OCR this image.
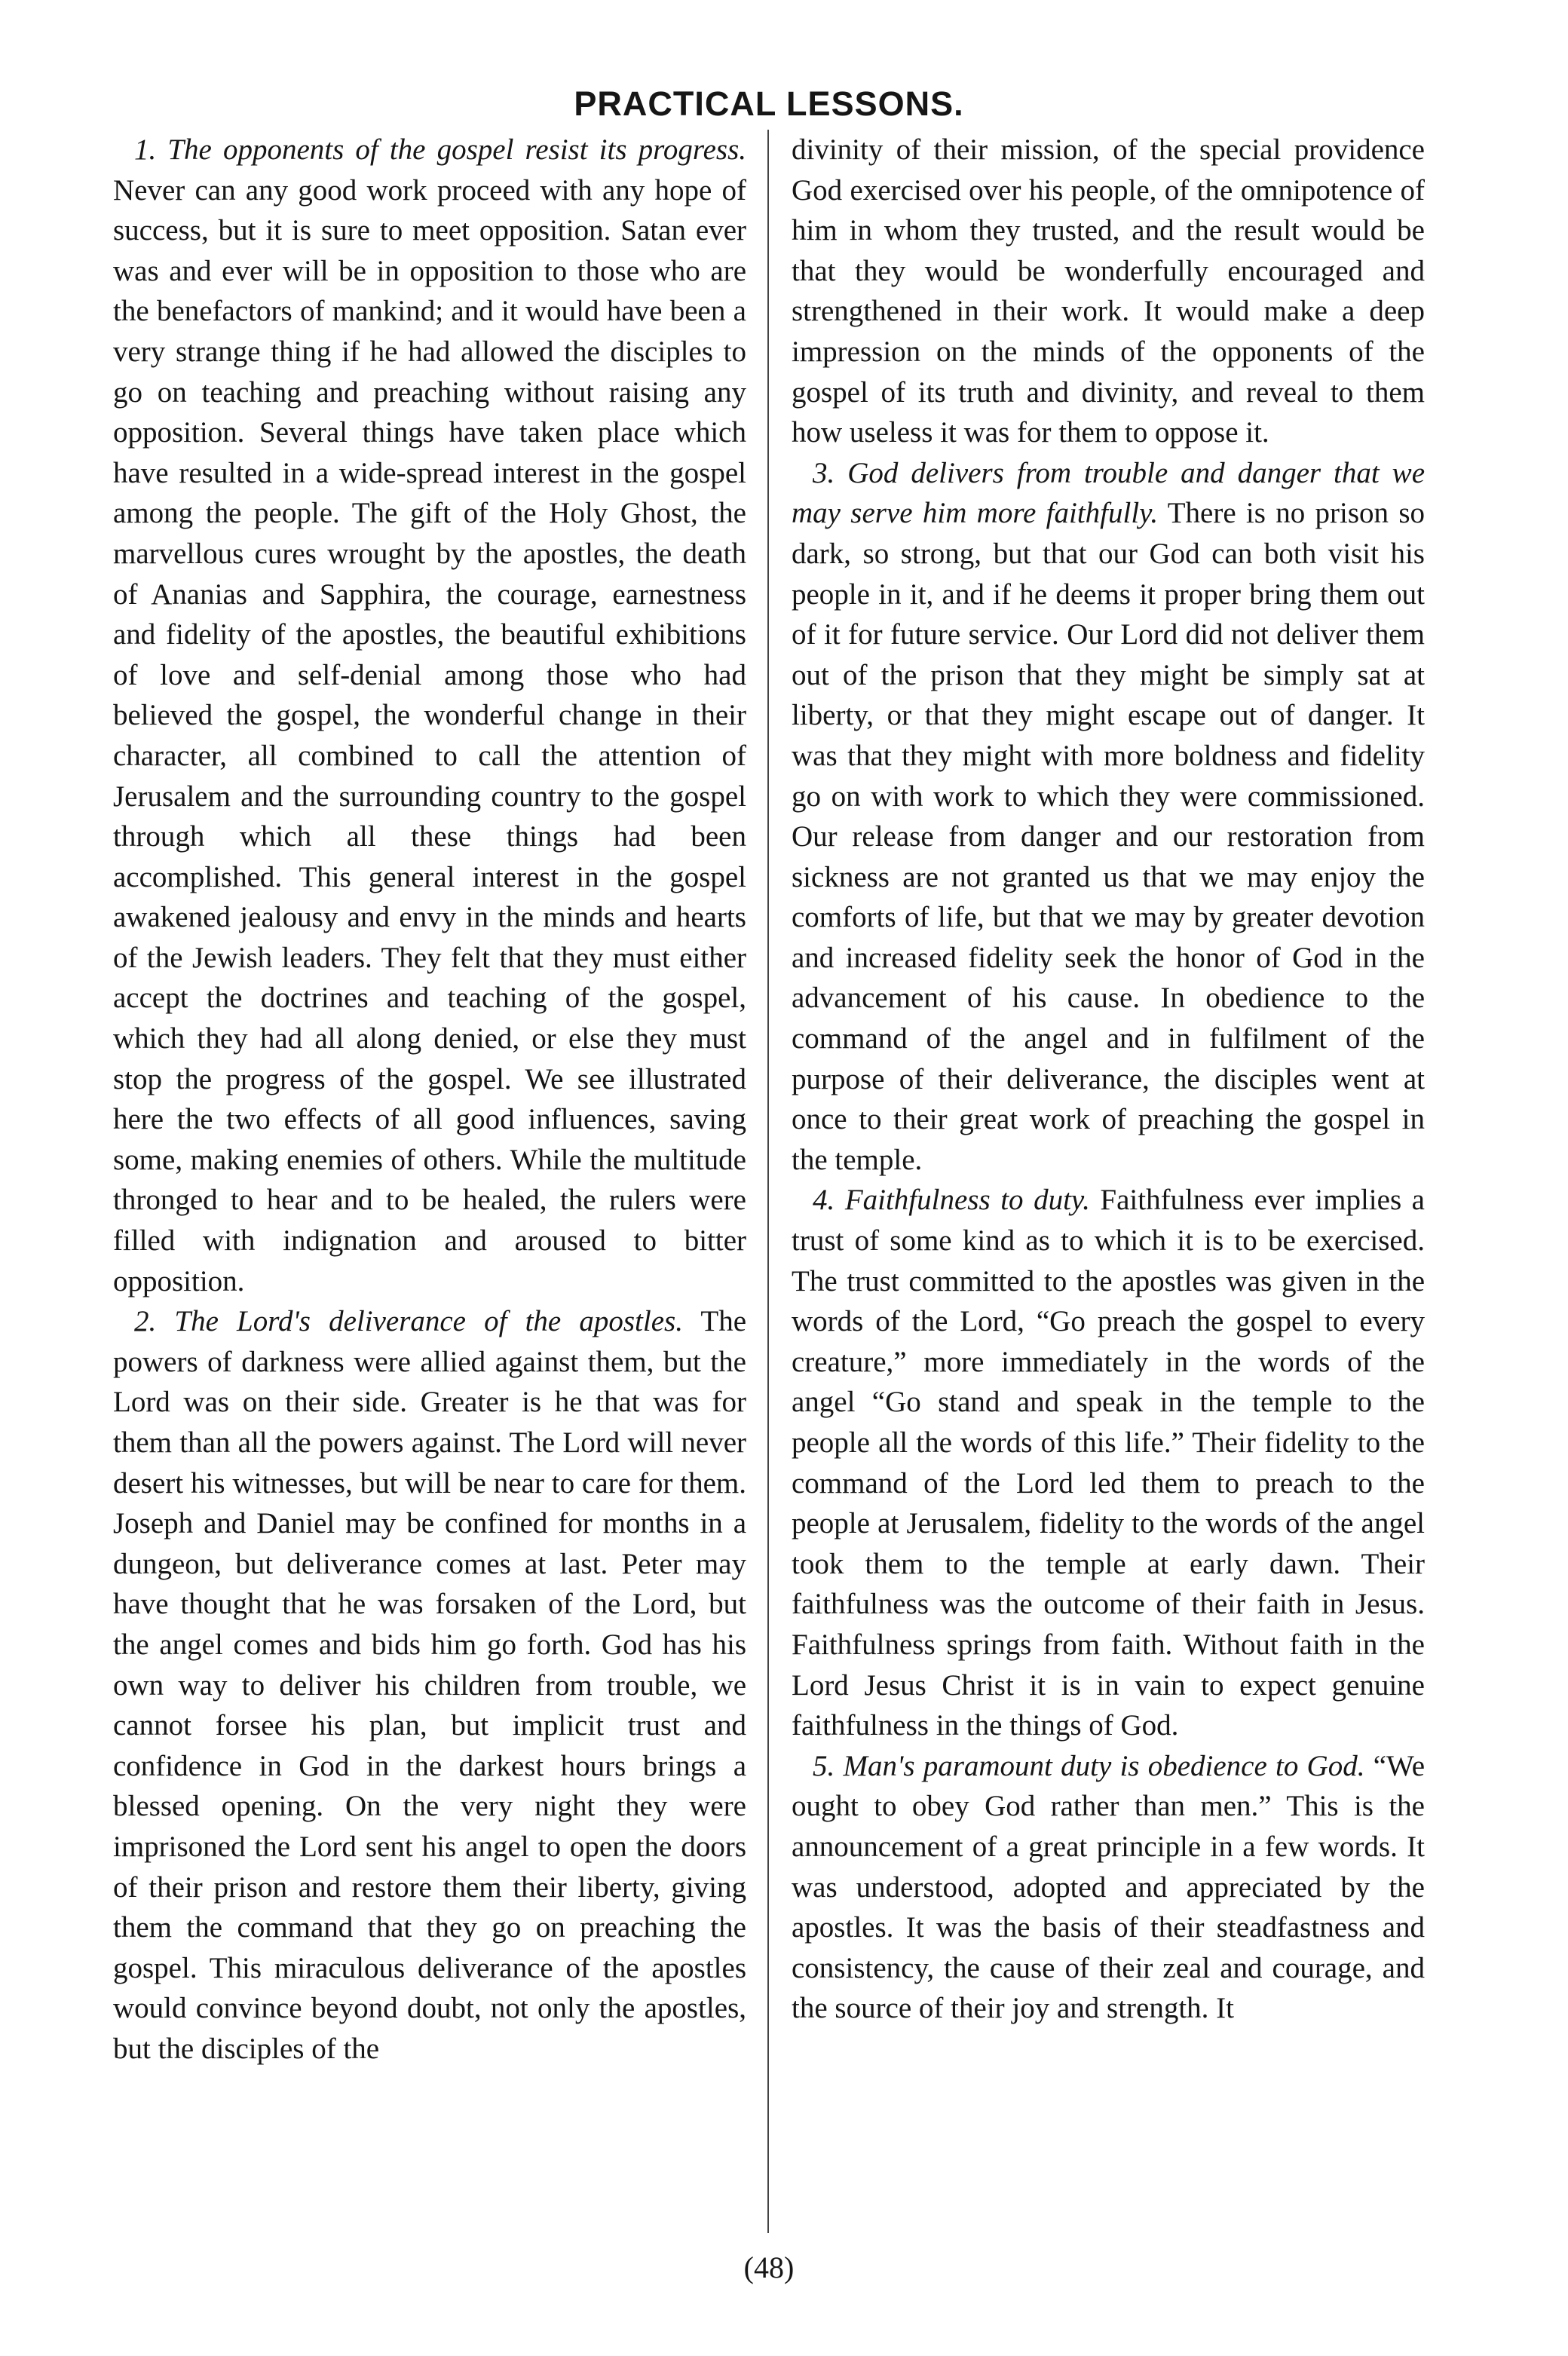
PRACTICAL LESSONS.

1. The opponents of the gospel resist its progress. Never can any good work proceed with any hope of success, but it is sure to meet opposition. Satan ever was and ever will be in opposition to those who are the benefactors of mankind; and it would have been a very strange thing if he had allowed the disciples to go on teaching and preaching without raising any opposition. Several things have taken place which have resulted in a wide-spread interest in the gospel among the people. The gift of the Holy Ghost, the marvellous cures wrought by the apostles, the death of Ananias and Sapphira, the courage, earnestness and fidelity of the apostles, the beautiful exhibitions of love and self-denial among those who had believed the gospel, the wonderful change in their character, all combined to call the attention of Jerusalem and the surrounding country to the gospel through which all these things had been accomplished. This general interest in the gospel awakened jealousy and envy in the minds and hearts of the Jewish leaders. They felt that they must either accept the doctrines and teaching of the gospel, which they had all along denied, or else they must stop the progress of the gospel. We see illustrated here the two effects of all good influences, saving some, making enemies of others. While the multitude thronged to hear and to be healed, the rulers were filled with indignation and aroused to bitter opposition.

2. The Lord's deliverance of the apostles. The powers of darkness were allied against them, but the Lord was on their side. Greater is he that was for them than all the powers against. The Lord will never desert his witnesses, but will be near to care for them. Joseph and Daniel may be confined for months in a dungeon, but deliverance comes at last. Peter may have thought that he was forsaken of the Lord, but the angel comes and bids him go forth. God has his own way to deliver his children from trouble, we cannot forsee his plan, but implicit trust and confidence in God in the darkest hours brings a blessed opening. On the very night they were imprisoned the Lord sent his angel to open the doors of their prison and restore them their liberty, giving them the command that they go on preaching the gospel. This miraculous deliverance of the apostles would convince beyond doubt, not only the apostles, but the disciples of the

divinity of their mission, of the special providence God exercised over his people, of the omnipotence of him in whom they trusted, and the result would be that they would be wonderfully encouraged and strengthened in their work. It would make a deep impression on the minds of the opponents of the gospel of its truth and divinity, and reveal to them how useless it was for them to oppose it.

3. God delivers from trouble and danger that we may serve him more faithfully. There is no prison so dark, so strong, but that our God can both visit his people in it, and if he deems it proper bring them out of it for future service. Our Lord did not deliver them out of the prison that they might be simply sat at liberty, or that they might escape out of danger. It was that they might with more boldness and fidelity go on with work to which they were commissioned. Our release from danger and our restoration from sickness are not granted us that we may enjoy the comforts of life, but that we may by greater devotion and increased fidelity seek the honor of God in the advancement of his cause. In obedience to the command of the angel and in fulfilment of the purpose of their deliverance, the disciples went at once to their great work of preaching the gospel in the temple.

4. Faithfulness to duty. Faithfulness ever implies a trust of some kind as to which it is to be exercised. The trust committed to the apostles was given in the words of the Lord, “Go preach the gospel to every creature,” more immediately in the words of the angel “Go stand and speak in the temple to the people all the words of this life.” Their fidelity to the command of the Lord led them to preach to the people at Jerusalem, fidelity to the words of the angel took them to the temple at early dawn. Their faithfulness was the outcome of their faith in Jesus. Faithfulness springs from faith. Without faith in the Lord Jesus Christ it is in vain to expect genuine faithfulness in the things of God.

5. Man's paramount duty is obedience to God. “We ought to obey God rather than men.” This is the announcement of a great principle in a few words. It was understood, adopted and appreciated by the apostles. It was the basis of their steadfastness and consistency, the cause of their zeal and courage, and the source of their joy and strength. It

(48)
